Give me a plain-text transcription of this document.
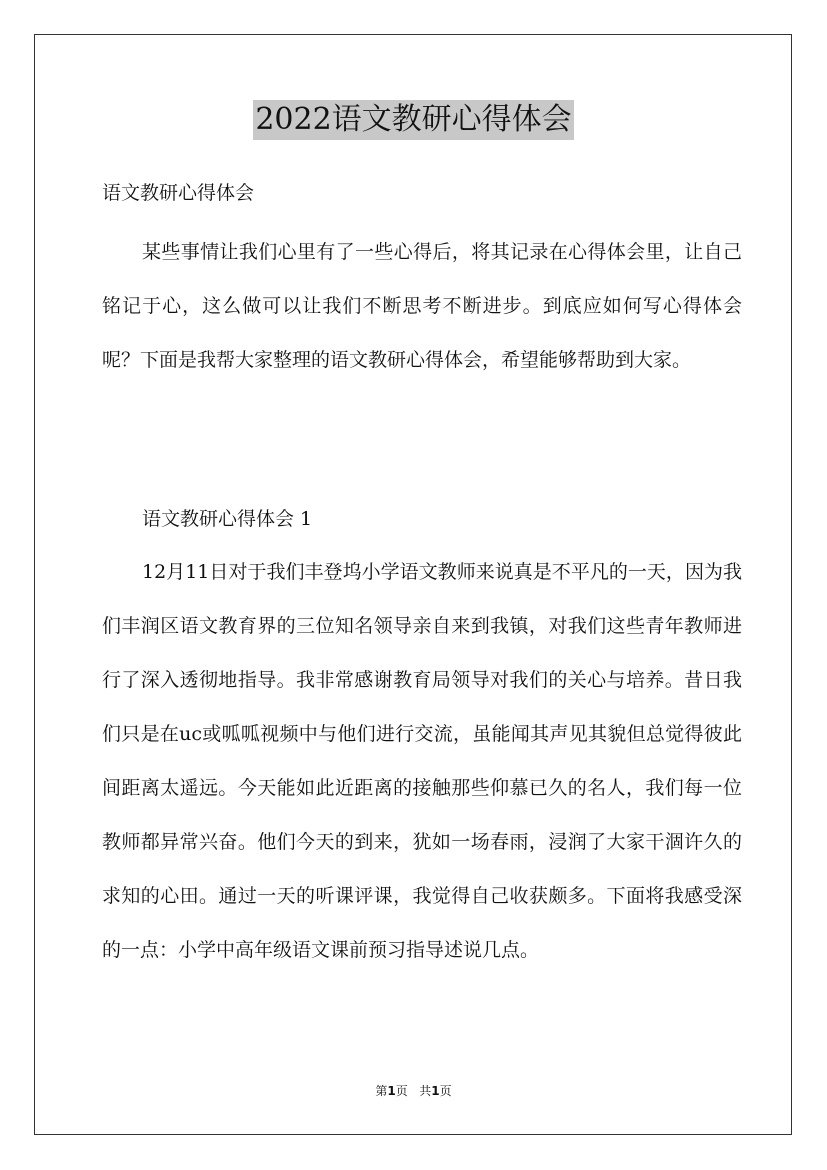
2022语文教研心得体会
语文教研心得体会

某些事情让我们心里有了一些心得后，将其记录在心得体会里，让自己铭记于心，这么做可以让我们不断思考不断进步。到底应如何写心得体会呢？下面是我帮大家整理的语文教研心得体会，希望能够帮助到大家。

语文教研心得体会 1

12月11日对于我们丰登坞小学语文教师来说真是不平凡的一天，因为我们丰润区语文教育界的三位知名领导亲自来到我镇，对我们这些青年教师进行了深入透彻地指导。我非常感谢教育局领导对我们的关心与培养。昔日我们只是在uc或呱呱视频中与他们进行交流，虽能闻其声见其貌但总觉得彼此间距离太遥远。今天能如此近距离的接触那些仰慕已久的名人，我们每一位教师都异常兴奋。他们今天的到来，犹如一场春雨，浸润了大家干涸许久的求知的心田。通过一天的听课评课，我觉得自己收获颇多。下面将我感受深的一点：小学中高年级语文课前预习指导述说几点。

第1页 共1页
